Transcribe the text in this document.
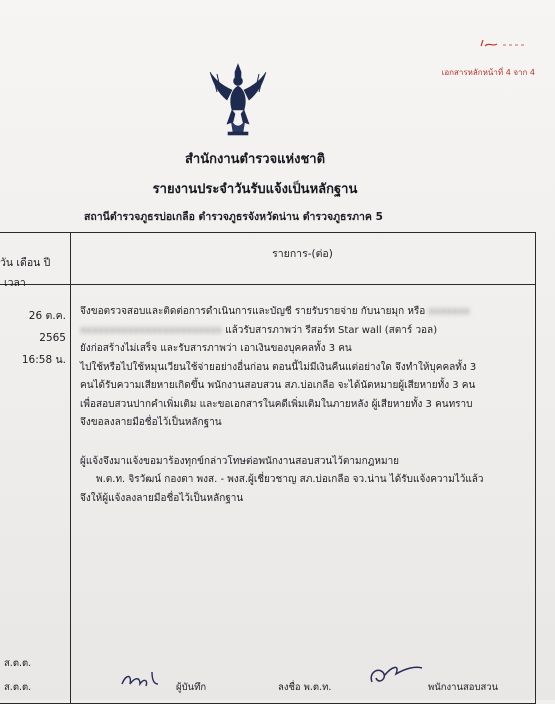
เอกสารหลักหน้าที่ 4 จาก 4
สำนักงานตำรวจแห่งชาติ
รายงานประจำวันรับแจ้งเป็นหลักฐาน
สถานีตำรวจภูธรบ่อเกลือ ตำรวจภูธรจังหวัดน่าน ตำรวจภูธรภาค 5
วัน เดือน ปี
เวลา
รายการ-(ต่อ)
26 ต.ค. 2565
16:58 น.

จึงขอตรวจสอบและติดต่อการดำเนินการและบัญชี รายรับรายจ่าย กับนายมุก หรือ xxxxxxx

xxxxxxxxxxxxxxxxxxxxxxxx แล้วรับสารภาพว่า รีสอร์ท Star wall (สตาร์ วอล)

ยังก่อสร้างไม่เสร็จ และรับสารภาพว่า เอาเงินของบุคคลทั้ง 3 คน

ไปใช้หรือไปใช้หมุนเวียนใช้จ่ายอย่างอื่นก่อน ตอนนี้ไม่มีเงินคืนแต่อย่างใด จึงทำให้บุคคลทั้ง 3

คนได้รับความเสียหายเกิดขึ้น พนักงานสอบสวน สภ.บ่อเกลือ จะได้นัดหมายผู้เสียหายทั้ง 3 คน

เพื่อสอบสวนปากคำเพิ่มเติม และขอเอกสารในคดีเพิ่มเติมในภายหลัง ผู้เสียหายทั้ง 3 คนทราบ

จึงขอลงลายมือชื่อไว้เป็นหลักฐาน

ผู้แจ้งจึงมาแจ้งขอมาร้องทุกข์กล่าวโทษต่อพนักงานสอบสวนไว้ตามกฎหมาย

พ.ต.ท. จิรวัฒน์ กองตา พงส. - พงส.ผู้เชี่ยวชาญ สภ.บ่อเกลือ จว.น่าน ได้รับแจ้งความไว้แล้ว

จึงให้ผู้แจ้งลงลายมือชื่อไว้เป็นหลักฐาน

ส.ต.ต.
ส.ต.ต.	ผู้บันทึก	ลงชื่อ พ.ต.ท.	พนักงานสอบสวน
